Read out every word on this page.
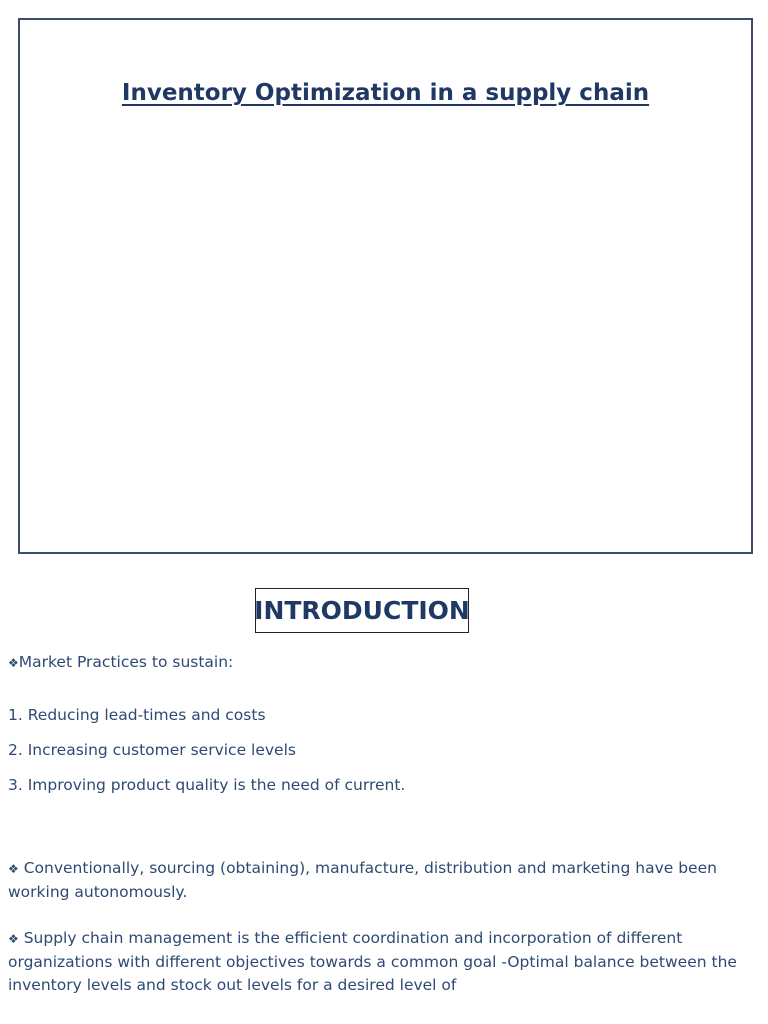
Inventory Optimization in a supply chain
INTRODUCTION
❖Market Practices to sustain:
1. Reducing lead-times and costs
2. Increasing customer service levels
3. Improving product quality is the need of current.
❖ Conventionally, sourcing (obtaining), manufacture, distribution and marketing have been working autonomously.
❖ Supply chain management is the efficient coordination and incorporation of different organizations with different objectives towards a common goal -Optimal balance between the inventory levels and stock out levels for a desired level of
